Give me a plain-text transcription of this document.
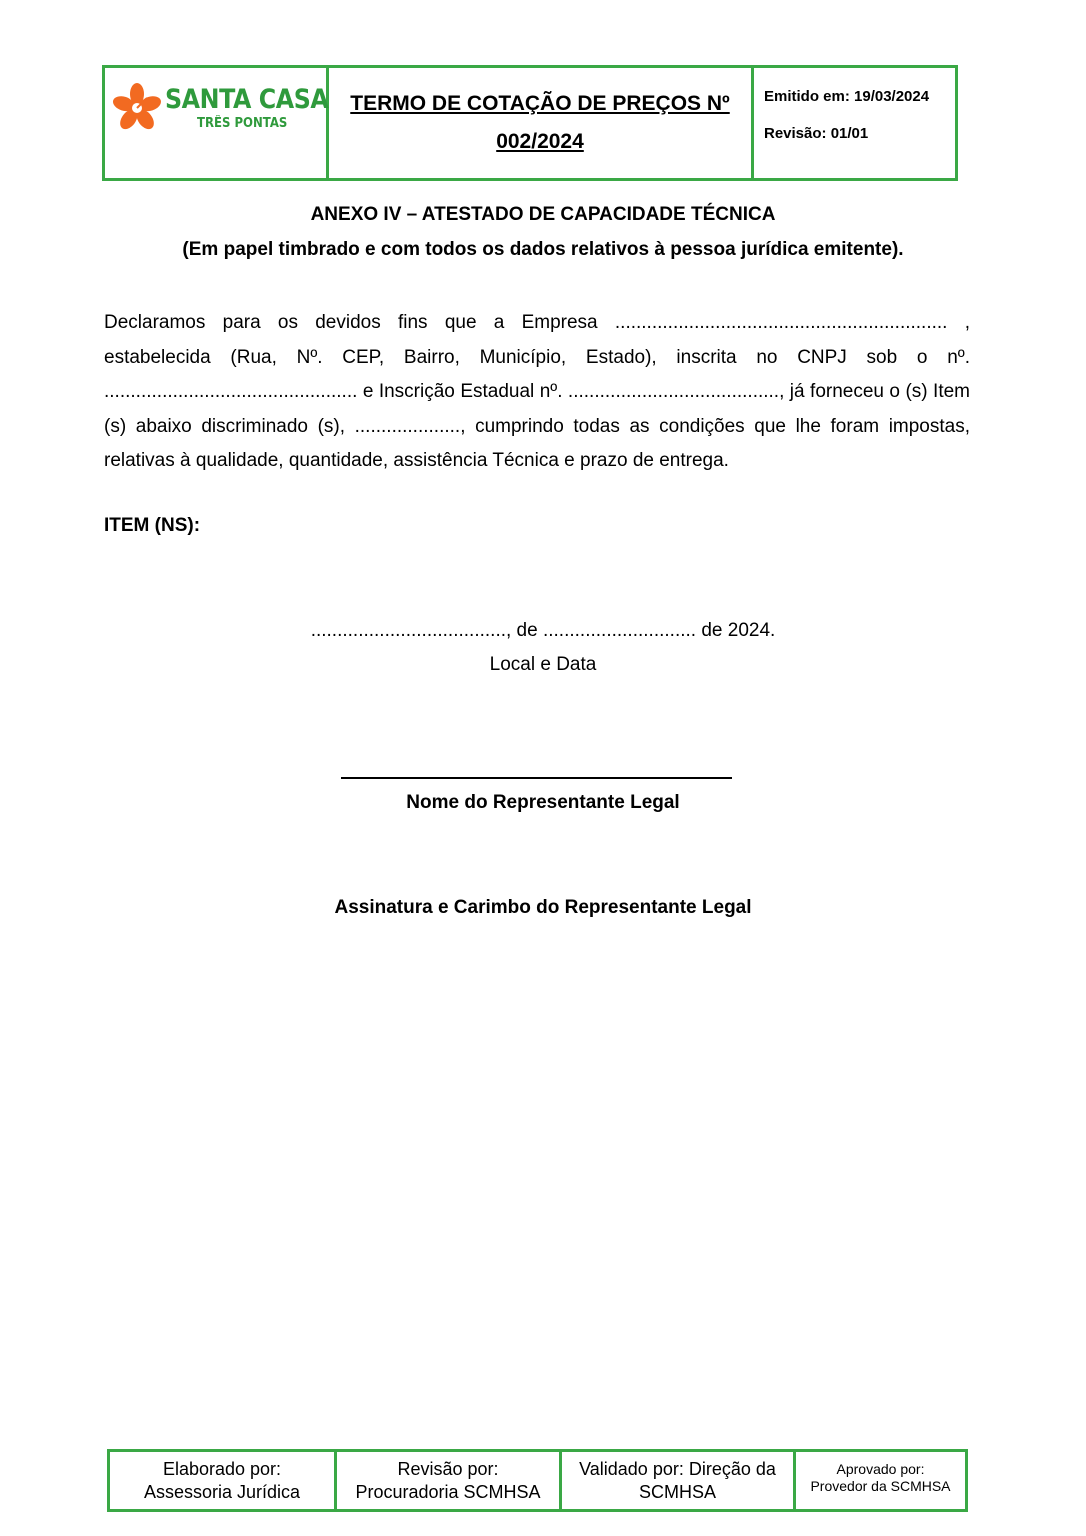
SANTA CASA
TRÊS PONTAS
TERMO DE COTAÇÃO DE PREÇOS Nº
002/2024
Emitido em: 19/03/2024
Revisão: 01/01
ANEXO IV – ATESTADO DE CAPACIDADE TÉCNICA
(Em papel timbrado e com todos os dados relativos à pessoa jurídica emitente).
Declaramos para os devidos fins que a Empresa ............................................................... , estabelecida (Rua, Nº. CEP, Bairro, Município, Estado), inscrita no CNPJ sob o nº. ................................................ e Inscrição Estadual nº. ........................................, já forneceu o (s) Item (s) abaixo discriminado (s), ...................., cumprindo todas as condições que lhe foram impostas, relativas à qualidade, quantidade, assistência Técnica e prazo de entrega.
ITEM (NS):
....................................., de ............................. de 2024.
Local e Data
Nome do Representante Legal
Assinatura e Carimbo do Representante Legal
Elaborado por:
Assessoria Jurídica
Revisão por:
Procuradoria SCMHSA
Validado por: Direção da
SCMHSA
Aprovado por:
Provedor da SCMHSA
